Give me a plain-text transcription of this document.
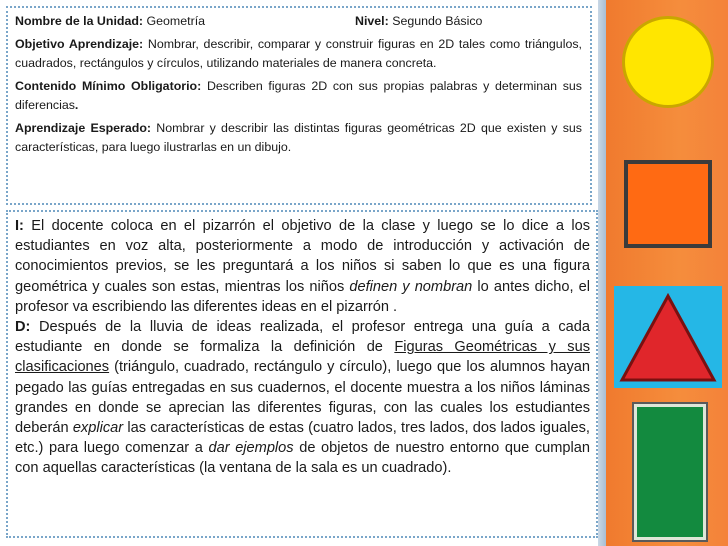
Nombre de la Unidad: Geometría	Nivel: Segundo Básico

Objetivo Aprendizaje: Nombrar, describir, comparar y construir figuras en 2D tales como triángulos, cuadrados, rectángulos y círculos, utilizando materiales de manera concreta.

Contenido Mínimo Obligatorio: Describen figuras 2D con sus propias palabras y determinan sus diferencias.

Aprendizaje Esperado: Nombrar y describir las distintas figuras geométricas 2D que existen y sus características, para luego ilustrarlas en un dibujo.

I: El docente coloca en el pizarrón el objetivo de la clase y luego se lo dice a los estudiantes en voz alta, posteriormente a modo de introducción y activación de conocimientos previos, se les preguntará a los niños si saben lo que es una figura geométrica y cuales son estas, mientras los niños definen y nombran lo antes dicho, el profesor va escribiendo las diferentes ideas en el pizarrón .

D: Después de la lluvia de ideas realizada, el profesor entrega una guía a cada estudiante en donde se formaliza la definición de Figuras Geométricas y sus clasificaciones (triángulo, cuadrado, rectángulo y círculo), luego que los alumnos hayan pegado las guías entregadas en sus cuadernos, el docente muestra a los niños láminas grandes en donde se aprecian las diferentes figuras, con las cuales los estudiantes deberán explicar las características de estas (cuatro lados, tres lados, dos lados iguales, etc.) para luego comenzar a dar ejemplos de objetos de nuestro entorno que cumplan con aquellas características (la ventana de la sala es un cuadrado).
